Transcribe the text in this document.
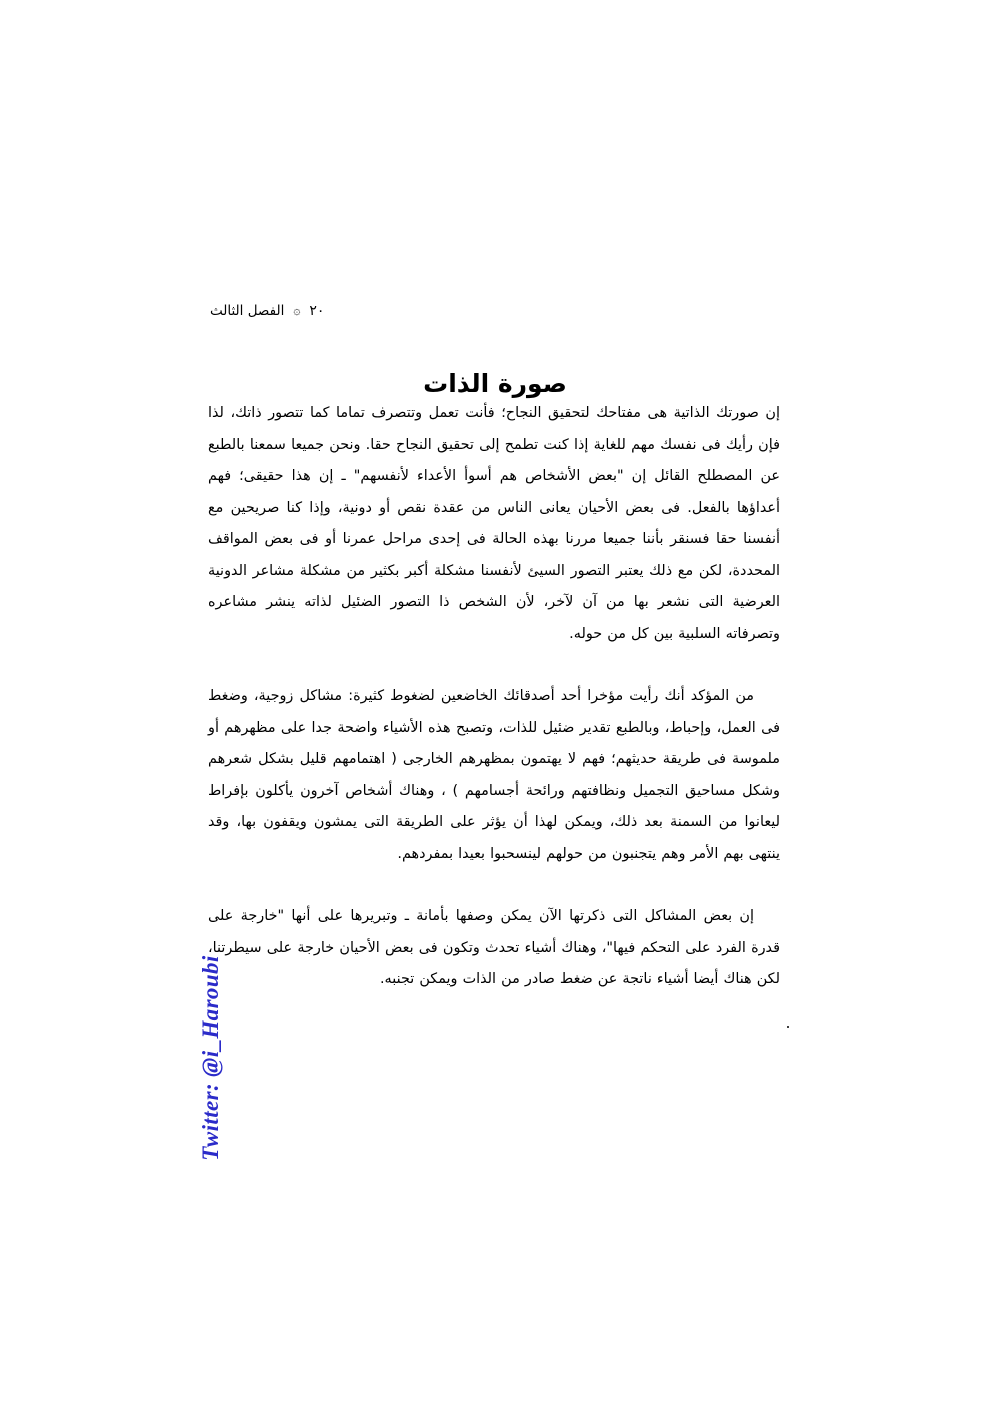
٢٠۞الفصل الثالث
صورة الذات

إن صورتك الذاتية هى مفتاحك لتحقيق النجاح؛ فأنت تعمل وتتصرف تماما كما تتصور ذاتك، لذا فإن رأيك فى نفسك مهم للغاية إذا كنت تطمح إلى تحقيق النجاح حقا. ونحن جميعا سمعنا بالطبع عن المصطلح القائل إن "بعض الأشخاص هم أسوأ الأعداء لأنفسهم" ـ إن هذا حقيقى؛ فهم أعداؤها بالفعل. فى بعض الأحيان يعانى الناس من عقدة نقص أو دونية، وإذا كنا صريحين مع أنفسنا حقا فسنقر بأننا جميعا مررنا بهذه الحالة فى إحدى مراحل عمرنا أو فى بعض المواقف المحددة، لكن مع ذلك يعتبر التصور السيئ لأنفسنا مشكلة أكبر بكثير من مشكلة مشاعر الدونية العرضية التى نشعر بها من آن لآخر، لأن الشخص ذا التصور الضئيل لذاته ينشر مشاعره وتصرفاته السلبية بين كل من حوله.

من المؤكد أنك رأيت مؤخرا أحد أصدقائك الخاضعين لضغوط كثيرة: مشاكل زوجية، وضغط فى العمل، وإحباط، وبالطبع تقدير ضئيل للذات، وتصبح هذه الأشياء واضحة جدا على مظهرهم أو ملموسة فى طريقة حديثهم؛ فهم لا يهتمون بمظهرهم الخارجى ( اهتمامهم قليل بشكل شعرهم وشكل مساحيق التجميل ونظافتهم ورائحة أجسامهم ) ، وهناك أشخاص آخرون يأكلون بإفراط ليعانوا من السمنة بعد ذلك، ويمكن لهذا أن يؤثر على الطريقة التى يمشون ويقفون بها، وقد ينتهى بهم الأمر وهم يتجنبون من حولهم لينسحبوا بعيدا بمفردهم.

إن بعض المشاكل التى ذكرتها الآن يمكن وصفها بأمانة ـ وتبريرها على أنها "خارجة على قدرة الفرد على التحكم فيها"، وهناك أشياء تحدث وتكون فى بعض الأحيان خارجة على سيطرتنا، لكن هناك أيضا أشياء ناتجة عن ضغط صادر من الذات ويمكن تجنبه.

Twitter: @i_Haroubi
